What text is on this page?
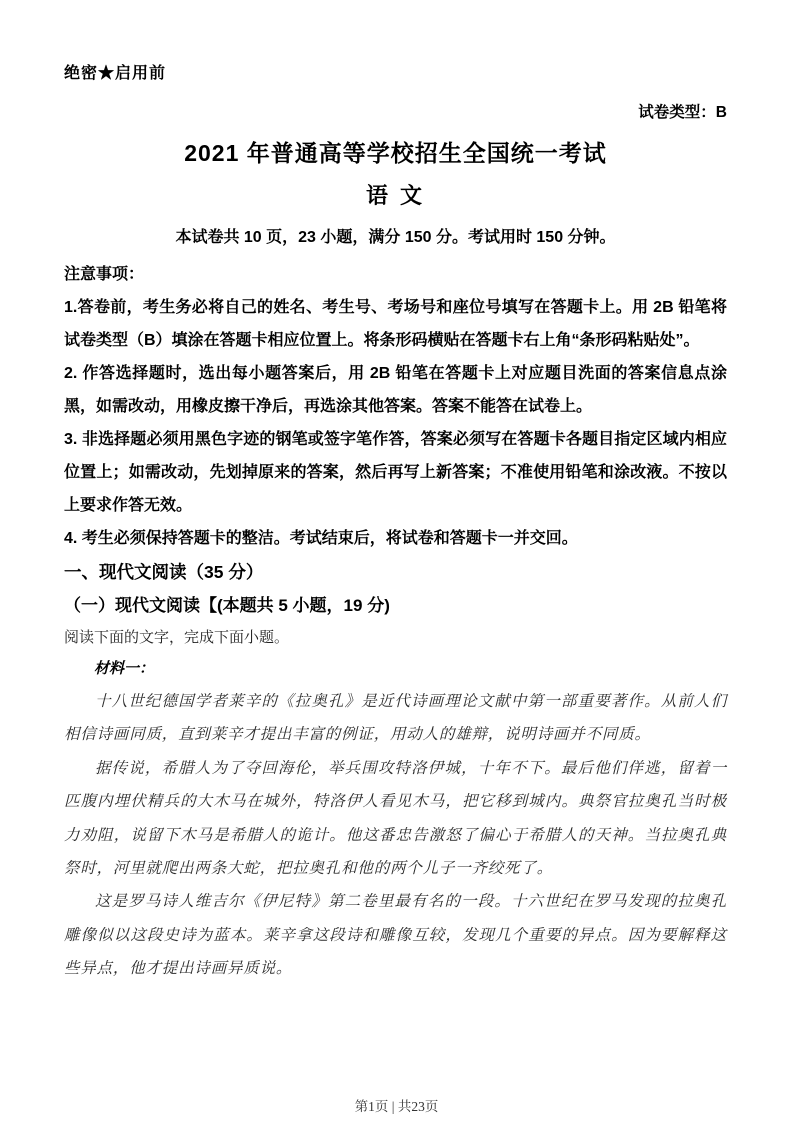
绝密★启用前
试卷类型：B
2021 年普通高等学校招生全国统一考试
语 文
本试卷共 10 页，23 小题，满分 150 分。考试用时 150 分钟。

注意事项：

1.答卷前，考生务必将自己的姓名、考生号、考场号和座位号填写在答题卡上。用 2B 铅笔将试卷类型（B）填涂在答题卡相应位置上。将条形码横贴在答题卡右上角“条形码粘贴处”。

2. 作答选择题时，选出每小题答案后，用 2B 铅笔在答题卡上对应题目洗面的答案信息点涂黑，如需改动，用橡皮擦干净后，再选涂其他答案。答案不能答在试卷上。

3. 非选择题必须用黑色字迹的钢笔或签字笔作答，答案必须写在答题卡各题目指定区域内相应位置上；如需改动，先划掉原来的答案，然后再写上新答案；不准使用铅笔和涂改液。不按以上要求作答无效。

4. 考生必须保持答题卡的整洁。考试结束后，将试卷和答题卡一并交回。

一、现代文阅读（35 分）
（一）现代文阅读【(本题共 5 小题，19 分)
阅读下面的文字，完成下面小题。
材料一：

十八世纪德国学者莱辛的《拉奥孔》是近代诗画理论文献中第一部重要著作。从前人们相信诗画同质，直到莱辛才提出丰富的例证，用动人的雄辩，说明诗画并不同质。

据传说，希腊人为了夺回海伦，举兵围攻特洛伊城，十年不下。最后他们佯逃，留着一匹腹内埋伏精兵的大木马在城外，特洛伊人看见木马，把它移到城内。典祭官拉奥孔当时极力劝阻，说留下木马是希腊人的诡计。他这番忠告激怒了偏心于希腊人的天神。当拉奥孔典祭时，河里就爬出两条大蛇，把拉奥孔和他的两个儿子一齐绞死了。

这是罗马诗人维吉尔《伊尼特》第二卷里最有名的一段。十六世纪在罗马发现的拉奥孔雕像似以这段史诗为蓝本。莱辛拿这段诗和雕像互较，发现几个重要的异点。因为要解释这些异点，他才提出诗画异质说。

第1页 | 共23页
